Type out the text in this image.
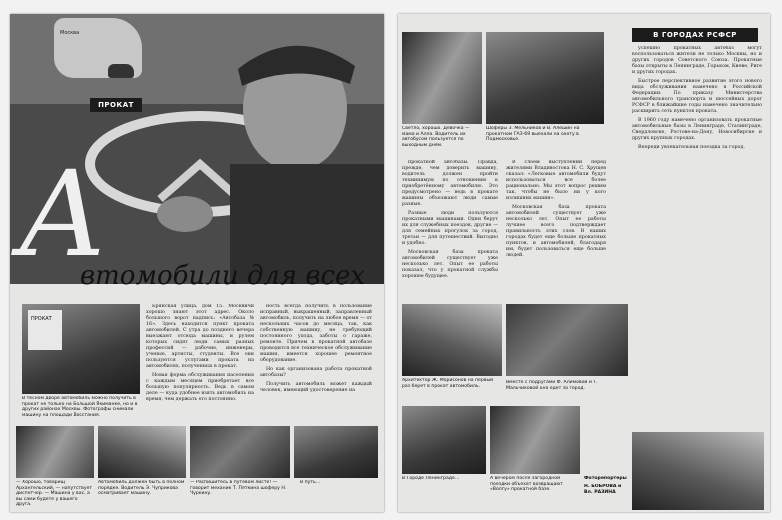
Москва
ПРОКАТ
А
втомобили для всех
ПРОКАТ
В тесном дворе автомобиль можно получить в прокат не только на Большой Якиманке, но и в других районах Москвы. Фотографы снимали машину на площади Восстания.

Брянская улица, дом 15. Москвичи хорошо знают этот адрес. Около большого ворот надпись: «Автобаза № 16». Здесь находится пункт проката автомобилей. С утра до позднего вечера выезжают отсюда машины, и рулем которых сидят люди самых разных профессий — рабочие, инженеры, ученые, артисты, студенты. Все они пользуются услугами проката на автомобилях, полученных в прокат.

Новая форма обслуживания населения с каждым месяцем приобретает все большую популярность. Ведь в самом деле — куда удобнее взять автомобиль на время, чем держать его постоянно.

ность всегда получить в пользование исправный, выкрашенный, заправленный автомобиль, получить на любое время — от нескольких часов до месяца, так, как собственную машину, не требующий постоянного ухода, заботы о гараже, ремонте. Причем в прокатной автобазе проводится все техническое обслуживание машин, имеется хорошее ремонтное оборудование.

Но как организована работа прокатной автобазы?

Получить автомобиль может каждый человек, имеющий удостоверение на

— Хорошо, товарищ Архангельский, — напутствует диспетчер. — Машина у вас, а вы сами будете у вашего друга.
Автомобиль должен быть в полном порядке. Водитель Э. Чуприкова осматривает машину.
— Распишитесь в путевом листе! — говорит механик Т. Пяткина шоферу Н. Чуркину.
В путь…
Светло, хорошо. Девочка — мама и Алла. Водитель их автобусом пользуется по выходным дням.
Шоферы З. Мельников и В. Алешин на прокатном ГАЗ-69 выехали на охоту в Подмосковье.
В ГОРОДАХ РСФСР

прокатной автобазы. Правда, прежде, чем доверить машину, водитель должен пройти техминимум по отношению к приобретённому автомобилю. Это предусмотрено — ведь в прокате машины объезжают люди самые разные.

Разные люди пользуются прокатными машинами. Одни берут их для служебных поездок, другие — для семейных прогулок за город, третьи — для путешествий. Выгодно и удобно.

Московская база проката автомобилей существует уже несколько лет. Опыт ее работы показал, что у прокатной службы хорошее будущее.

В слоем выступлении перед жителями Владивостока Н. С. Хрущев сказал: «Легковые автомобили будут использоваться все более рационально. Мы этот вопрос решим так, чтобы не было ни у кого излишних машин».

Московская база проката автомобилей существует уже несколько лет. Опыт ее работы лучшее всего подтверждает правильность этих слов. В наших городах будет еще больше прокатных пунктов, и автомобилей, благодаря им, будет пользоваться еще больше людей.

успешно прокатных автобаз могут воспользоваться жители не только Москвы, но и других городов Советского Союза. Прокатные базы открыты в Ленинграде, Горьком, Киеве, Риге и других городах.

Быстрое перспективное развитие этого нового вида обслуживания намечено в Российской Федерации. По приказу Министерства автомобильного транспорта и шоссейных дорог РСФСР в ближайшие годы намечено значительно расширить сеть пунктов проката.

В 1960 году намечено организовать прокатные автомобильные базы в Ленинграде, Сталинграде, Свердловске, Ростове-на-Дону, Новосибирске и других крупных городах.

Впереди увлекательная поездка за город.

Архитектор Ж. Морисонов на первый раз берет в прокат автомобиль.
Вместе с подругами Ф. Алимовой и Т. Мальчиковой она едет за город.
В Городе Ленинграде…	А вечером после загородной поездки объехат возвращают «Волгу» прокатной базе.
Фоторепортеры
Н. БОБРОВА и Вл. РАЗИНА
